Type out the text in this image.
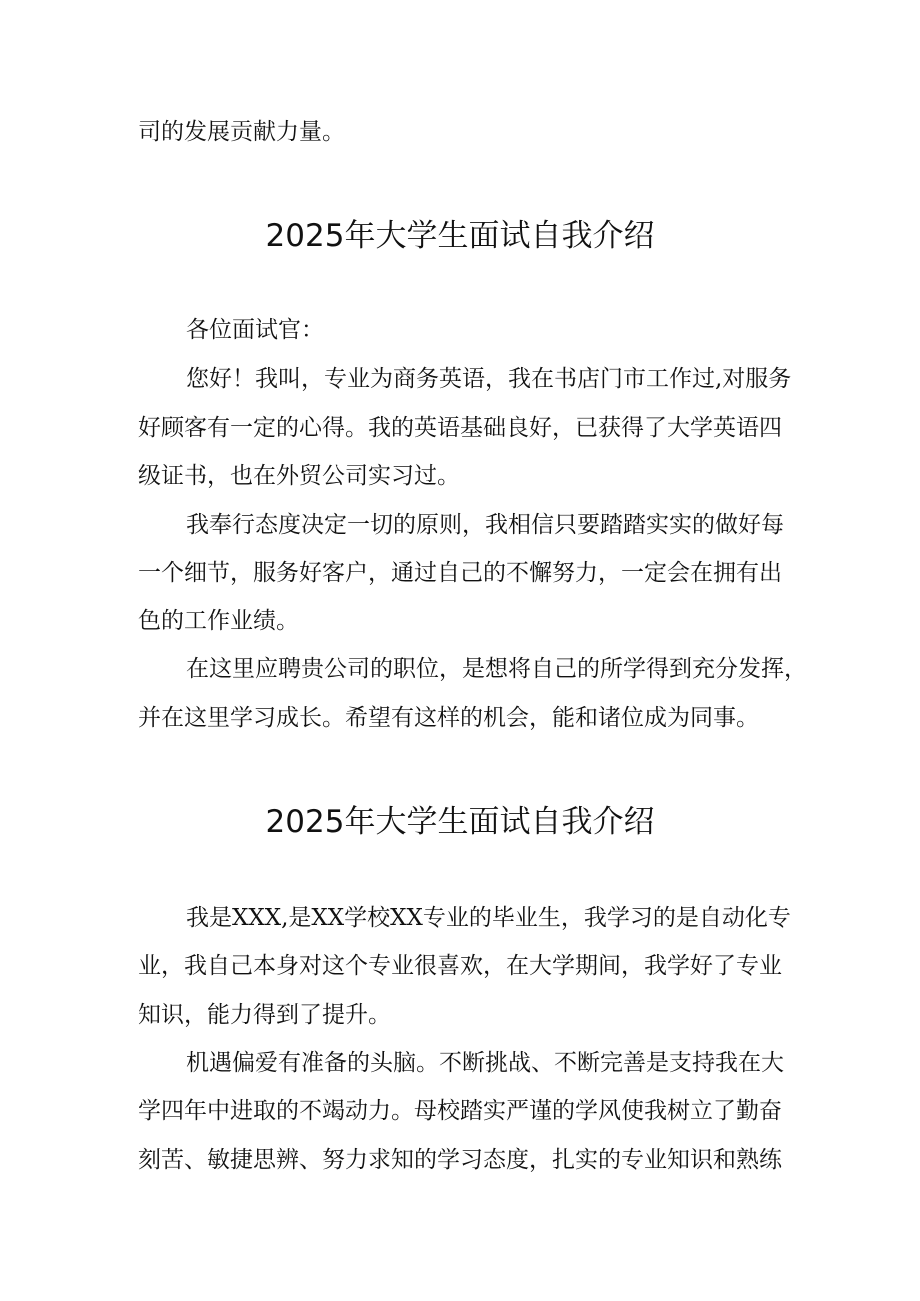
司的发展贡献力量。
2025年大学生面试自我介绍
各位面试官：
您好！我叫，专业为商务英语，我在书店门市工作过,对服务
好顾客有一定的心得。我的英语基础良好，已获得了大学英语四
级证书，也在外贸公司实习过。
我奉行态度决定一切的原则，我相信只要踏踏实实的做好每
一个细节，服务好客户，通过自己的不懈努力，一定会在拥有出
色的工作业绩。
在这里应聘贵公司的职位，是想将自己的所学得到充分发挥，
并在这里学习成长。希望有这样的机会，能和诸位成为同事。
2025年大学生面试自我介绍
我是XXX,是XX学校XX专业的毕业生，我学习的是自动化专
业，我自己本身对这个专业很喜欢，在大学期间，我学好了专业
知识，能力得到了提升。
机遇偏爱有准备的头脑。不断挑战、不断完善是支持我在大
学四年中进取的不竭动力。母校踏实严谨的学风使我树立了勤奋
刻苦、敏捷思辨、努力求知的学习态度，扎实的专业知识和熟练
